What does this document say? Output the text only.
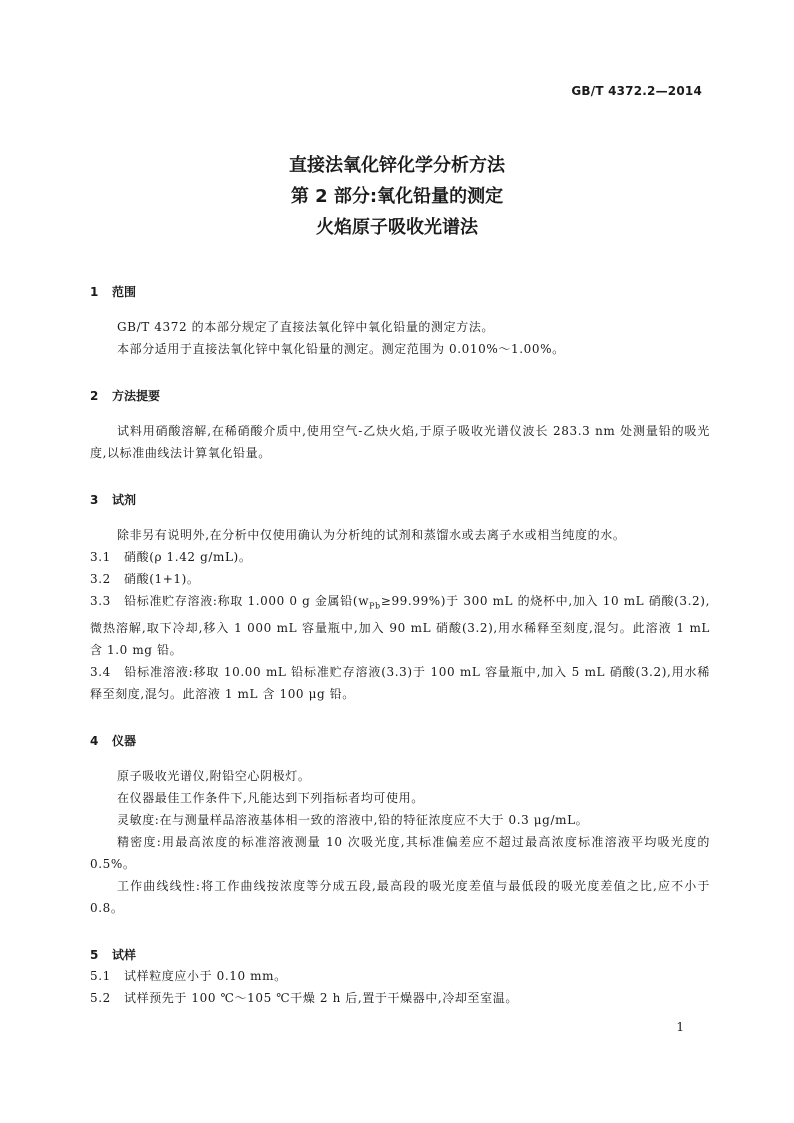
GB/T 4372.2—2014
直接法氧化锌化学分析方法
第 2 部分:氧化铅量的测定
火焰原子吸收光谱法
1 范围

GB/T 4372 的本部分规定了直接法氧化锌中氧化铅量的测定方法。

本部分适用于直接法氧化锌中氧化铅量的测定。测定范围为 0.010%～1.00%。

2 方法提要

试料用硝酸溶解,在稀硝酸介质中,使用空气-乙炔火焰,于原子吸收光谱仪波长 283.3 nm 处测量铅的吸光度,以标准曲线法计算氧化铅量。

3 试剂

除非另有说明外,在分析中仅使用确认为分析纯的试剂和蒸馏水或去离子水或相当纯度的水。

3.1 硝酸(ρ 1.42 g/mL)。

3.2 硝酸(1+1)。

3.3 铅标准贮存溶液:称取 1.000 0 g 金属铅$(w_{Pb}\ge 99.99\%)$于 300 mL 的烧杯中,加入 10 mL 硝酸(3.2),微热溶解,取下冷却,移入 1 000 mL 容量瓶中,加入 90 mL 硝酸(3.2),用水稀释至刻度,混匀。此溶液 1 mL 含 1.0 mg 铅。

3.4 铅标准溶液:移取 10.00 mL 铅标准贮存溶液(3.3)于 100 mL 容量瓶中,加入 5 mL 硝酸(3.2),用水稀释至刻度,混匀。此溶液 1 mL 含 100 μg 铅。

4 仪器

原子吸收光谱仪,附铅空心阴极灯。

在仪器最佳工作条件下,凡能达到下列指标者均可使用。

灵敏度:在与测量样品溶液基体相一致的溶液中,铅的特征浓度应不大于 0.3 μg/mL。

精密度:用最高浓度的标准溶液测量 10 次吸光度,其标准偏差应不超过最高浓度标准溶液平均吸光度的 0.5%。

工作曲线线性:将工作曲线按浓度等分成五段,最高段的吸光度差值与最低段的吸光度差值之比,应不小于 0.8。

5 试样

5.1 试样粒度应小于 0.10 mm。

5.2 试样预先于 100 ℃～105 ℃干燥 2 h 后,置于干燥器中,冷却至室温。

1
